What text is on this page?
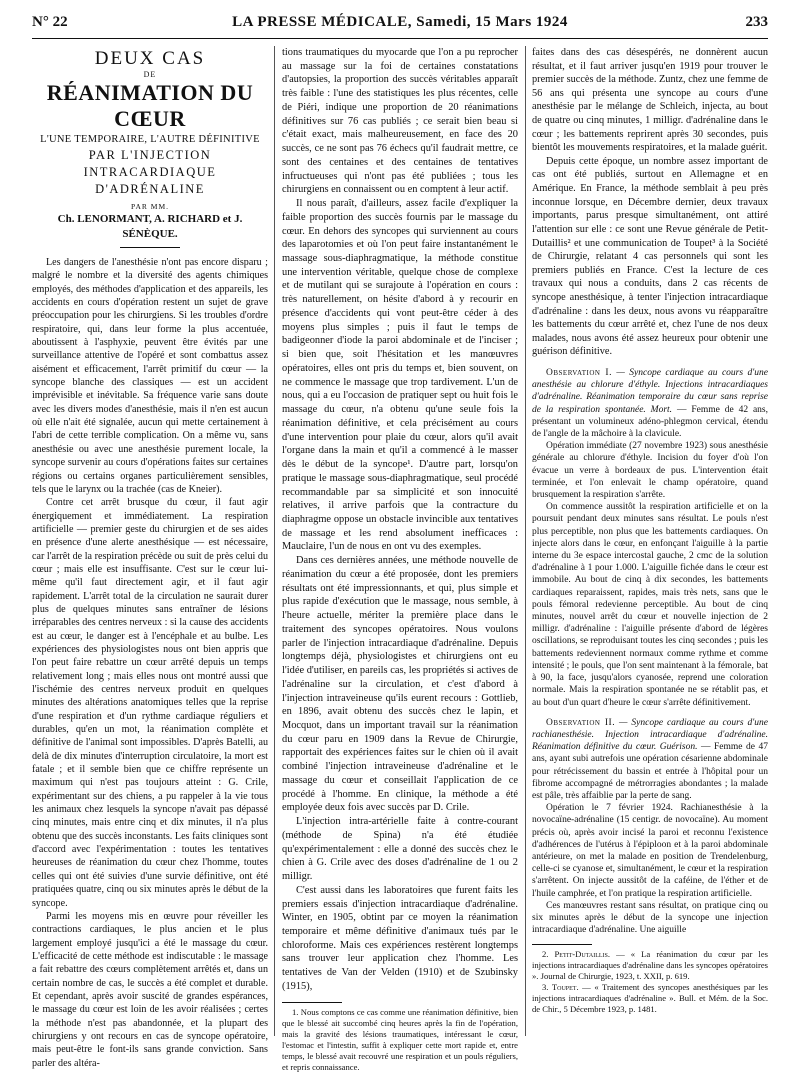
N° 22	LA PRESSE MÉDICALE, Samedi, 15 Mars 1924	233
DEUX CAS
DE
RÉANIMATION DU CŒUR
L'UNE TEMPORAIRE, L'AUTRE DÉFINITIVE
PAR L'INJECTION
INTRACARDIAQUE D'ADRÉNALINE
PAR MM.
Ch. LENORMANT, A. RICHARD et J. SÉNÈQUE.

Les dangers de l'anesthésie n'ont pas encore disparu ; malgré le nombre et la diversité des agents chimiques employés, des méthodes d'application et des appareils, les accidents en cours d'opération restent un sujet de grave préoccupation pour les chirurgiens. Si les troubles d'ordre respiratoire, qui, dans leur forme la plus accentuée, aboutissent à l'asphyxie, peuvent être évités par une surveillance attentive de l'opéré et sont combattus assez aisément et efficacement, l'arrêt primitif du cœur — la syncope blanche des classiques — est un accident imprévisible et inévitable. Sa fréquence varie sans doute avec les divers modes d'anesthésie, mais il n'en est aucun où elle n'ait été signalée, aucun qui mette certainement à l'abri de cette terrible complication. On a même vu, sans anesthésie ou avec une anesthésie purement locale, la syncope survenir au cours d'opérations faites sur certaines régions ou certains organes particulièrement sensibles, tels que le larynx ou la trachée (cas de Kneier).

Contre cet arrêt brusque du cœur, il faut agir énergiquement et immédiatement. La respiration artificielle — premier geste du chirurgien et de ses aides en présence d'une alerte anesthésique — est nécessaire, car l'arrêt de la respiration précède ou suit de près celui du cœur ; mais elle est insuffisante. C'est sur le cœur lui-même qu'il faut directement agir, et il faut agir rapidement. L'arrêt total de la circulation ne saurait durer plus de quelques minutes sans entraîner de lésions irréparables des centres nerveux : si la cause des accidents est au cœur, le danger est à l'encéphale et au bulbe. Les expériences des physiologistes nous ont bien appris que l'on peut faire rebattre un cœur arrêté depuis un temps relativement long ; mais elles nous ont montré aussi que l'ischémie des centres nerveux produit en quelques minutes des altérations anatomiques telles que la reprise d'une respiration et d'un rythme cardiaque réguliers et durables, qu'en un mot, la réanimation complète et définitive de l'animal sont impossibles. D'après Batelli, au delà de dix minutes d'interruption circulatoire, la mort est fatale ; et il semble bien que ce chiffre représente un maximum qui n'est pas toujours atteint : G. Crile, expérimentant sur des chiens, a pu rappeler à la vie tous les animaux chez lesquels la syncope n'avait pas dépassé cinq minutes, mais entre cinq et dix minutes, il n'a plus obtenu que des succès inconstants. Les faits cliniques sont d'accord avec l'expérimentation : toutes les tentatives heureuses de réanimation du cœur chez l'homme, toutes celles qui ont été suivies d'une survie définitive, ont été pratiquées quatre, cinq ou six minutes après le début de la syncope.

Parmi les moyens mis en œuvre pour réveiller les contractions cardiaques, le plus ancien et le plus largement employé jusqu'ici a été le massage du cœur. L'efficacité de cette méthode est indiscutable : le massage a fait rebattre des cœurs complètement arrêtés et, dans un certain nombre de cas, le succès a été complet et durable. Et cependant, après avoir suscité de grandes espérances, le massage du cœur est loin de les avoir réalisées ; certes la méthode n'est pas abandonnée, et la plupart des chirurgiens y ont recours en cas de syncope opératoire, mais peut-être le font-ils sans grande conviction. Sans parler des altéra-

tions traumatiques du myocarde que l'on a pu reprocher au massage sur la foi de certaines constatations d'autopsies, la proportion des succès véritables apparaît très faible : l'une des statistiques les plus récentes, celle de Piéri, indique une proportion de 20 réanimations définitives sur 76 cas publiés ; ce serait bien beau si c'était exact, mais malheureusement, en face des 20 succès, ce ne sont pas 76 échecs qu'il faudrait mettre, ce sont des centaines et des centaines de tentatives infructueuses qui n'ont pas été publiées ; tous les chirurgiens en connaissent ou en comptent à leur actif.

Il nous paraît, d'ailleurs, assez facile d'expliquer la faible proportion des succès fournis par le massage du cœur. En dehors des syncopes qui surviennent au cours des laparotomies et où l'on peut faire instantanément le massage sous-diaphragmatique, la méthode constitue une intervention véritable, quelque chose de complexe et de mutilant qui se surajoute à l'opération en cours : très naturellement, on hésite d'abord à y recourir en présence d'accidents qui vont peut-être céder à des moyens plus simples ; puis il faut le temps de badigeonner d'iode la paroi abdominale et de l'inciser ; si bien que, soit l'hésitation et les manœuvres opératoires, elles ont pris du temps et, bien souvent, on ne commence le massage que trop tardivement. L'un de nous, qui a eu l'occasion de pratiquer sept ou huit fois le massage du cœur, n'a obtenu qu'une seule fois la réanimation définitive, et cela précisément au cours d'une intervention pour plaie du cœur, alors qu'il avait l'organe dans la main et qu'il a commencé à le masser dès le début de la syncope¹. D'autre part, lorsqu'on pratique le massage sous-diaphragmatique, seul procédé recommandable par sa simplicité et son innocuité relatives, il arrive parfois que la contracture du diaphragme oppose un obstacle invincible aux tentatives de massage et les rend absolument inefficaces : Mauclaire, l'un de nous en ont vu des exemples.

Dans ces dernières années, une méthode nouvelle de réanimation du cœur a été proposée, dont les premiers résultats ont été impressionnants, et qui, plus simple et plus rapide d'exécution que le massage, nous semble, à l'heure actuelle, mériter la première place dans le traitement des syncopes opératoires. Nous voulons parler de l'injection intracardiaque d'adrénaline. Depuis longtemps déjà, physiologistes et chirurgiens ont eu l'idée d'utiliser, en pareils cas, les propriétés si actives de l'adrénaline sur la circulation, et c'est d'abord à l'injection intraveineuse qu'ils eurent recours : Gottlieb, en 1896, avait obtenu des succès chez le lapin, et Mocquot, dans un important travail sur la réanimation du cœur paru en 1909 dans la Revue de Chirurgie, rapportait des expériences faites sur le chien où il avait combiné l'injection intraveineuse d'adrénaline et le massage du cœur et conseillait l'application de ce procédé à l'homme. En clinique, la méthode a été employée deux fois avec succès par D. Crile.

L'injection intra-artérielle faite à contre-courant (méthode de Spina) n'a été étudiée qu'expérimentalement : elle a donné des succès chez le chien à G. Crile avec des doses d'adrénaline de 1 ou 2 milligr.

C'est aussi dans les laboratoires que furent faits les premiers essais d'injection intracardiaque d'adrénaline. Winter, en 1905, obtint par ce moyen la réanimation temporaire et même définitive d'animaux tués par le chloroforme. Mais ces expériences restèrent longtemps sans trouver leur application chez l'homme. Les tentatives de Van der Velden (1910) et de Szubinsky (1915),

1. Nous comptons ce cas comme une réanimation définitive, bien que le blessé ait succombé cinq heures après la fin de l'opération, mais la gravité des lésions traumatiques, intéressant le cœur, l'estomac et l'intestin, suffit à expliquer cette mort rapide et, entre temps, le blessé avait recouvré une respiration et un pouls réguliers, et repris connaissance.

faites dans des cas désespérés, ne donnèrent aucun résultat, et il faut arriver jusqu'en 1919 pour trouver le premier succès de la méthode. Zuntz, chez une femme de 56 ans qui présenta une syncope au cours d'une anesthésie par le mélange de Schleich, injecta, au bout de quatre ou cinq minutes, 1 milligr. d'adrénaline dans le cœur ; les battements reprirent après 30 secondes, puis bientôt les mouvements respiratoires, et la malade guérit.

Depuis cette époque, un nombre assez important de cas ont été publiés, surtout en Allemagne et en Amérique. En France, la méthode semblait à peu près inconnue lorsque, en Décembre dernier, deux travaux importants, parus presque simultanément, ont attiré l'attention sur elle : ce sont une Revue générale de Petit-Dutaillis² et une communication de Toupet³ à la Société de Chirurgie, relatant 4 cas personnels qui sont les premiers publiés en France. C'est la lecture de ces travaux qui nous a conduits, dans 2 cas récents de syncope anesthésique, à tenter l'injection intracardiaque d'adrénaline : dans les deux, nous avons vu réapparaître les battements du cœur arrêté et, chez l'une de nos deux malades, nous avons été assez heureux pour obtenir une guérison définitive.

Observation I. — Syncope cardiaque au cours d'une anesthésie au chlorure d'éthyle. Injections intracardiaques d'adrénaline. Réanimation temporaire du cœur sans reprise de la respiration spontanée. Mort. — Femme de 42 ans, présentant un volumineux adéno-phlegmon cervical, étendu de l'angle de la mâchoire à la clavicule.

Opération immédiate (27 novembre 1923) sous anesthésie générale au chlorure d'éthyle. Incision du foyer d'où l'on évacue un verre à bordeaux de pus. L'intervention était terminée, et l'on enlevait le champ opératoire, quand brusquement la respiration s'arrête.

On commence aussitôt la respiration artificielle et on la poursuit pendant deux minutes sans résultat. Le pouls n'est plus perceptible, non plus que les battements cardiaques. On injecte alors dans le cœur, en enfonçant l'aiguille à la partie interne du 3e espace intercostal gauche, 2 cmc de la solution d'adrénaline à 1 pour 1.000. L'aiguille fichée dans le cœur est immobile. Au bout de cinq à dix secondes, les battements cardiaques reparaissent, rapides, mais très nets, sans que le pouls fémoral redevienne perceptible. Au bout de cinq minutes, nouvel arrêt du cœur et nouvelle injection de 2 milligr. d'adrénaline : l'aiguille présente d'abord de légères oscillations, se reproduisant toutes les cinq secondes ; puis les battements redeviennent normaux comme rythme et comme intensité ; le pouls, que l'on sent maintenant à la fémorale, bat à 90, la face, jusqu'alors cyanosée, reprend une coloration normale. Mais la respiration spontanée ne se rétablit pas, et au bout d'un quart d'heure le cœur s'arrête définitivement.

Observation II. — Syncope cardiaque au cours d'une rachianesthésie. Injection intracardiaque d'adrénaline. Réanimation définitive du cœur. Guérison. — Femme de 47 ans, ayant subi autrefois une opération césarienne abdominale pour rétrécissement du bassin et entrée à l'hôpital pour un fibrome accompagné de métrorragies abondantes ; la malade est pâle, très affaiblie par la perte de sang.

Opération le 7 février 1924. Rachianesthésie à la novocaïne-adrénaline (15 centigr. de novocaïne). Au moment précis où, après avoir incisé la paroi et reconnu l'existence d'adhérences de l'utérus à l'épiploon et à la paroi abdominale antérieure, on met la malade en position de Trendelenburg, celle-ci se cyanose et, simultanément, le cœur et la respiration s'arrêtent. On injecte aussitôt de la caféine, de l'éther et de l'huile camphrée, et l'on pratique la respiration artificielle.

Ces manœuvres restant sans résultat, on pratique cinq ou six minutes après le début de la syncope une injection intracardiaque d'adrénaline. Une aiguille

2. Petit-Dutaillis. — « La réanimation du cœur par les injections intracardiaques d'adrénaline dans les syncopes opératoires ». Journal de Chirurgie, 1923, t. XXII, p. 619.

3. Toupet. — « Traitement des syncopes anesthésiques par les injections intracardiaques d'adrénaline ». Bull. et Mém. de la Soc. de Chir., 5 Décembre 1923, p. 1481.
